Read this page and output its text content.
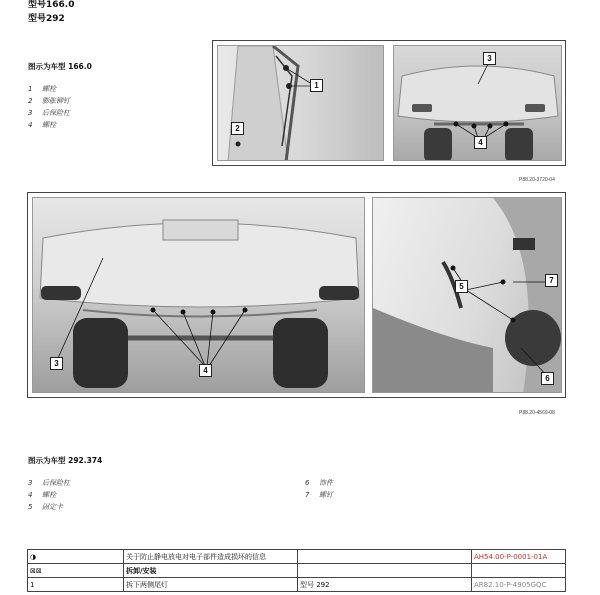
型号166.0
型号292
图示为车型 166.0
1	螺栓
2	膨胀铆钉
3	后保险杠
4	螺栓
1
2
3
4
P88.20-3720-04
3
4
5
7
6
P88.20-4569-08
图示为车型 292.374
3	后保险杠
4	螺栓
5	固定卡
6	饰件
7	螺钉
◑	关于防止静电放电对电子部件造成损坏的信息		AH54.00-P-0001-01A
⊠⊠	拆卸/安装		
1	拆下两侧尾灯	型号 292	AR82.10-P-4905GQC
